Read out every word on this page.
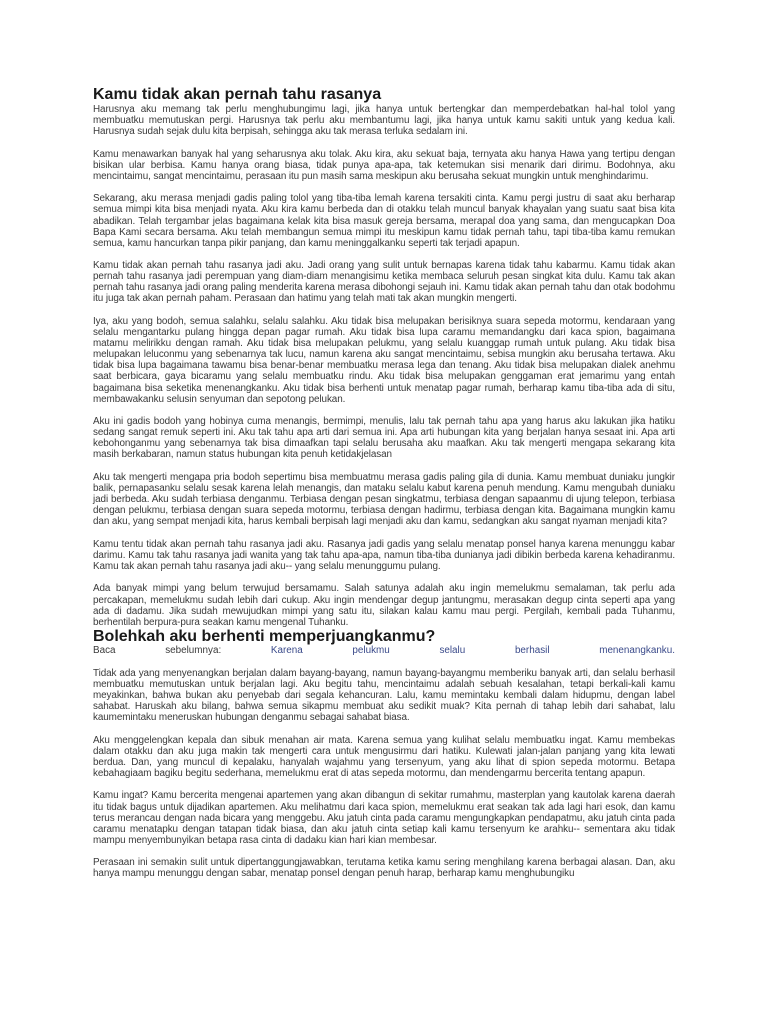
Kamu tidak akan pernah tahu rasanya

Harusnya aku memang tak perlu menghubungimu lagi, jika hanya untuk bertengkar dan memperdebatkan hal-hal tolol yang membuatku memutuskan pergi. Harusnya tak perlu aku membantumu lagi, jika hanya untuk kamu sakiti untuk yang kedua kali. Harusnya sudah sejak dulu kita berpisah, sehingga aku tak merasa terluka sedalam ini.

Kamu menawarkan banyak hal yang seharusnya aku tolak. Aku kira, aku sekuat baja, ternyata aku hanya Hawa yang tertipu dengan bisikan ular berbisa. Kamu hanya orang biasa, tidak punya apa-apa, tak ketemukan sisi menarik dari dirimu. Bodohnya, aku mencintaimu, sangat mencintaimu, perasaan itu pun masih sama meskipun aku berusaha sekuat mungkin untuk menghindarimu.

Sekarang, aku merasa menjadi gadis paling tolol yang tiba-tiba lemah karena tersakiti cinta. Kamu pergi justru di saat aku berharap semua mimpi kita bisa menjadi nyata. Aku kira kamu berbeda dan di otakku telah muncul banyak khayalan yang suatu saat bisa kita abadikan. Telah tergambar jelas bagaimana kelak kita bisa masuk gereja bersama, merapal doa yang sama, dan mengucapkan Doa Bapa Kami secara bersama. Aku telah membangun semua mimpi itu meskipun kamu tidak pernah tahu, tapi tiba-tiba kamu remukan semua, kamu hancurkan tanpa pikir panjang, dan kamu meninggalkanku seperti tak terjadi apapun.

Kamu tidak akan pernah tahu rasanya jadi aku. Jadi orang yang sulit untuk bernapas karena tidak tahu kabarmu. Kamu tidak akan pernah tahu rasanya jadi perempuan yang diam-diam menangisimu ketika membaca seluruh pesan singkat kita dulu. Kamu tak akan pernah tahu rasanya jadi orang paling menderita karena merasa dibohongi sejauh ini. Kamu tidak akan pernah tahu dan otak bodohmu itu juga tak akan pernah paham. Perasaan dan hatimu yang telah mati tak akan mungkin mengerti.

Iya, aku yang bodoh, semua salahku, selalu salahku. Aku tidak bisa melupakan berisiknya suara sepeda motormu, kendaraan yang selalu mengantarku pulang hingga depan pagar rumah. Aku tidak bisa lupa caramu memandangku dari kaca spion, bagaimana matamu melirikku dengan ramah. Aku tidak bisa melupakan pelukmu, yang selalu kuanggap rumah untuk pulang. Aku tidak bisa melupakan leluconmu yang sebenarnya tak lucu, namun karena aku sangat mencintaimu, sebisa mungkin aku berusaha tertawa. Aku tidak bisa lupa bagaimana tawamu bisa benar-benar membuatku merasa lega dan tenang. Aku tidak bisa melupakan dialek anehmu saat berbicara, gaya bicaramu yang selalu membuatku rindu. Aku tidak bisa melupakan genggaman erat jemarimu yang entah bagaimana bisa seketika menenangkanku. Aku tidak bisa berhenti untuk menatap pagar rumah, berharap kamu tiba-tiba ada di situ, membawakanku selusin senyuman dan sepotong pelukan.

Aku ini gadis bodoh yang hobinya cuma menangis, bermimpi, menulis, lalu tak pernah tahu apa yang harus aku lakukan jika hatiku sedang sangat remuk seperti ini. Aku tak tahu apa arti dari semua ini. Apa arti hubungan kita yang berjalan hanya sesaat ini. Apa arti kebohonganmu yang sebenarnya tak bisa dimaafkan tapi selalu berusaha aku maafkan. Aku tak mengerti mengapa sekarang kita masih berkabaran, namun status hubungan kita penuh ketidakjelasan

Aku tak mengerti mengapa pria bodoh sepertimu bisa membuatmu merasa gadis paling gila di dunia. Kamu membuat duniaku jungkir balik, pernapasanku selalu sesak karena lelah menangis, dan mataku selalu kabut karena penuh mendung. Kamu mengubah duniaku jadi berbeda. Aku sudah terbiasa denganmu. Terbiasa dengan pesan singkatmu, terbiasa dengan sapaanmu di ujung telepon, terbiasa dengan pelukmu, terbiasa dengan suara sepeda motormu, terbiasa dengan hadirmu, terbiasa dengan kita. Bagaimana mungkin kamu dan aku, yang sempat menjadi kita, harus kembali berpisah lagi menjadi aku dan kamu, sedangkan aku sangat nyaman menjadi kita?

Kamu tentu tidak akan pernah tahu rasanya jadi aku. Rasanya jadi gadis yang selalu menatap ponsel hanya karena menunggu kabar darimu. Kamu tak tahu rasanya jadi wanita yang tak tahu apa-apa, namun tiba-tiba dunianya jadi dibikin berbeda karena kehadiranmu. Kamu tak akan pernah tahu rasanya jadi aku-- yang selalu menunggumu pulang.

Ada banyak mimpi yang belum terwujud bersamamu. Salah satunya adalah aku ingin memelukmu semalaman, tak perlu ada percakapan, memelukmu sudah lebih dari cukup. Aku ingin mendengar degup jantungmu, merasakan degup cinta seperti apa yang ada di dadamu. Jika sudah mewujudkan mimpi yang satu itu, silakan kalau kamu mau pergi. Pergilah, kembali pada Tuhanmu, berhentilah berpura-pura seakan kamu mengenal Tuhanku.

Bolehkah aku berhenti memperjuangkanmu?
Baca	sebelumnya:	Karena	pelukmu	selalu	berhasil	menenangkanku.

Tidak ada yang menyenangkan berjalan dalam bayang-bayang, namun bayang-bayangmu memberiku banyak arti, dan selalu berhasil membuatku memutuskan untuk berjalan lagi. Aku begitu tahu, mencintaimu adalah sebuah kesalahan, tetapi berkali-kali kamu meyakinkan, bahwa bukan aku penyebab dari segala kehancuran. Lalu, kamu memintaku kembali dalam hidupmu, dengan label sahabat. Haruskah aku bilang, bahwa semua sikapmu membuat aku sedikit muak? Kita pernah di tahap lebih dari sahabat, lalu kaumemintaku meneruskan hubungan denganmu sebagai sahabat biasa.

Aku menggelengkan kepala dan sibuk menahan air mata. Karena semua yang kulihat selalu membuatku ingat. Kamu membekas dalam otakku dan aku juga makin tak mengerti cara untuk mengusirmu dari hatiku. Kulewati jalan-jalan panjang yang kita lewati berdua. Dan, yang muncul di kepalaku, hanyalah wajahmu yang tersenyum, yang aku lihat di spion sepeda motormu. Betapa kebahagiaam bagiku begitu sederhana, memelukmu erat di atas sepeda motormu, dan mendengarmu bercerita tentang apapun.

Kamu ingat? Kamu bercerita mengenai apartemen yang akan dibangun di sekitar rumahmu, masterplan yang kautolak karena daerah itu tidak bagus untuk dijadikan apartemen. Aku melihatmu dari kaca spion, memelukmu erat seakan tak ada lagi hari esok, dan kamu terus merancau dengan nada bicara yang menggebu. Aku jatuh cinta pada caramu mengungkapkan pendapatmu, aku jatuh cinta pada caramu menatapku dengan tatapan tidak biasa, dan aku jatuh cinta setiap kali kamu tersenyum ke arahku-- sementara aku tidak mampu menyembunyikan betapa rasa cinta di dadaku kian hari kian membesar.

Perasaan ini semakin sulit untuk dipertanggungjawabkan, terutama ketika kamu sering menghilang karena berbagai alasan. Dan, aku hanya mampu menunggu dengan sabar, menatap ponsel dengan penuh harap, berharap kamu menghubungiku
